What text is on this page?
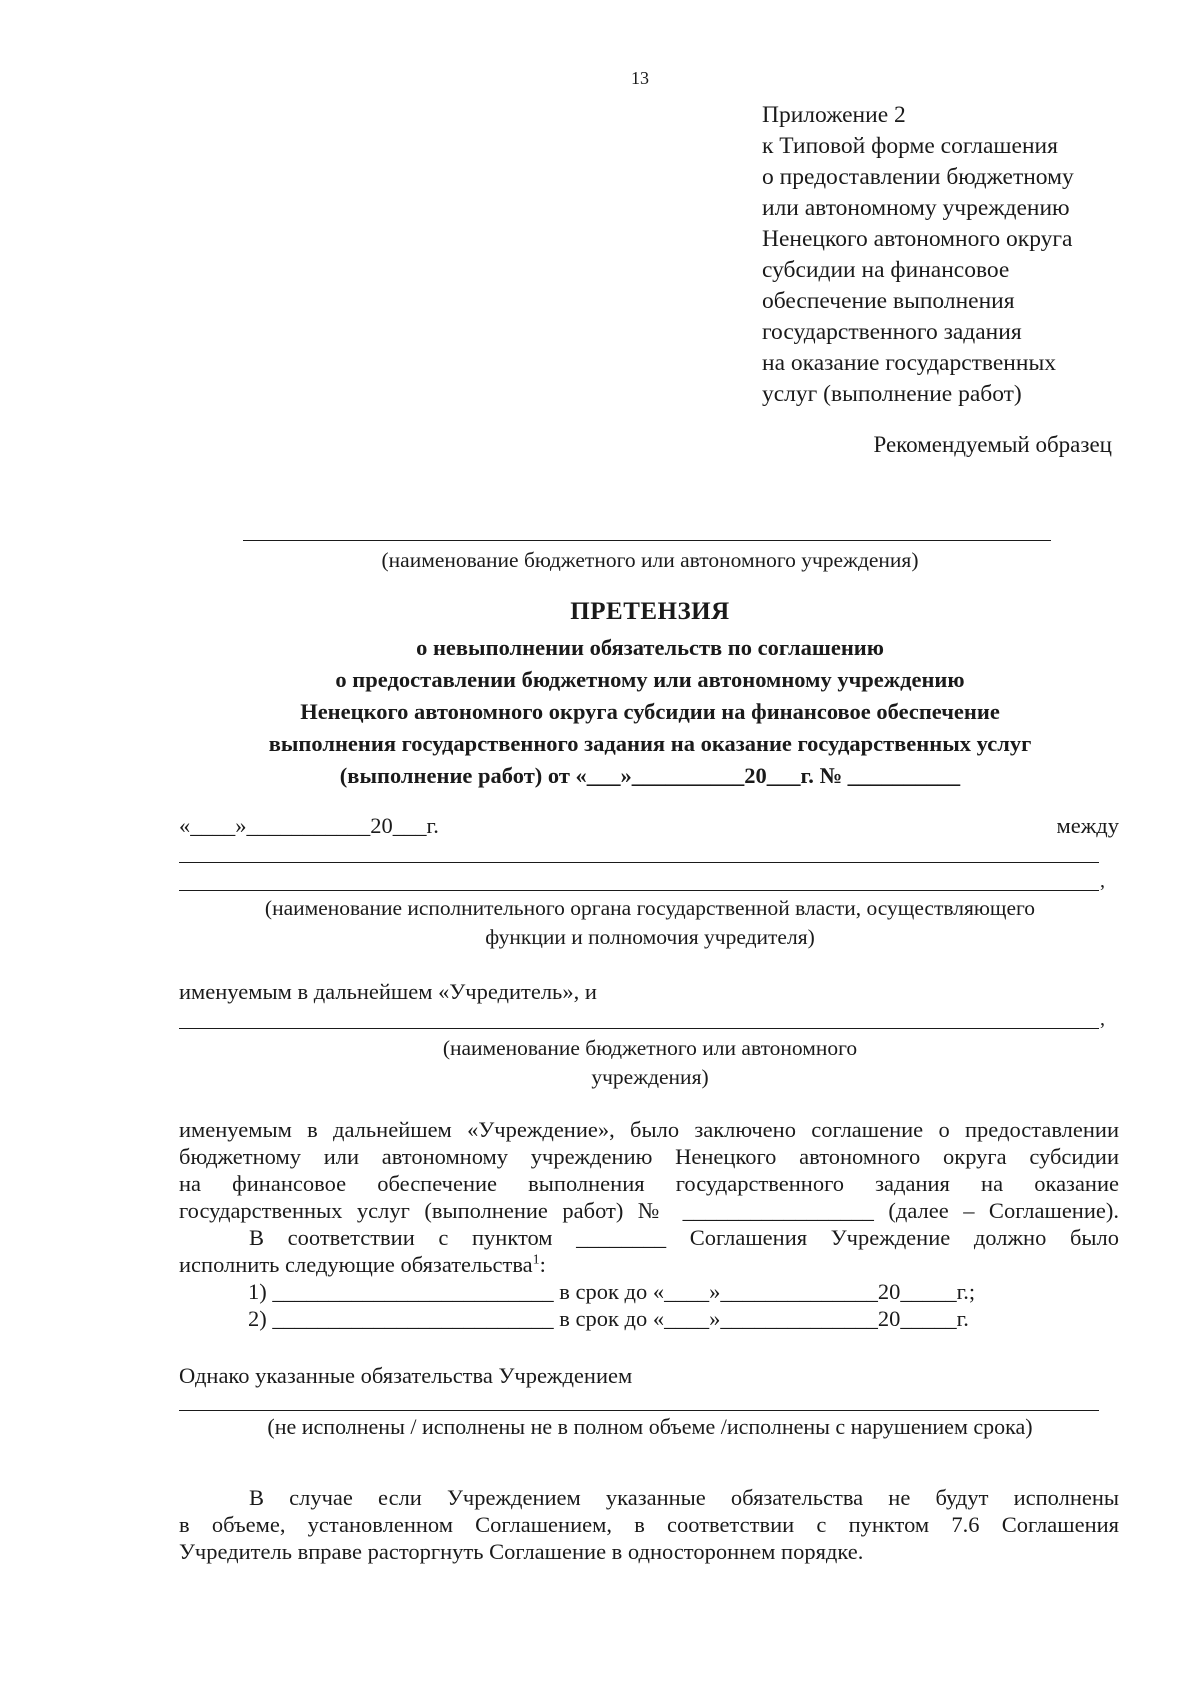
13
Приложение 2
к Типовой форме соглашения
о предоставлении бюджетному
или автономному учреждению
Ненецкого автономного округа
субсидии на финансовое
обеспечение выполнения
государственного задания
на оказание государственных
услуг (выполнение работ)
Рекомендуемый образец
(наименование бюджетного или автономного учреждения)
ПРЕТЕНЗИЯ
о невыполнении обязательств по соглашению
о предоставлении бюджетному или автономному учреждению
Ненецкого автономного округа субсидии на финансовое обеспечение
выполнения государственного задания на оказание государственных услуг
(выполнение работ) от «___»__________20___г. № __________
«____»___________20___г.	между
,
(наименование исполнительного органа государственной власти, осуществляющего
функции и полномочия учредителя)
именуемым в дальнейшем «Учредитель», и
,
(наименование бюджетного или автономного
учреждения)
именуемым в дальнейшем «Учреждение», было заключено соглашение о предоставлении
бюджетному или автономному учреждению Ненецкого автономного округа субсидии
на финансовое обеспечение выполнения государственного задания на оказание
государственных услуг (выполнение работ) № _________________ (далее – Соглашение).
В соответствии с пунктом ________ Соглашения Учреждение должно было
исполнить следующие обязательства$^1$:
1) _________________________ в срок до «____»______________20_____г.;
2) _________________________ в срок до «____»______________20_____г.
Однако указанные обязательства Учреждением
(не исполнены / исполнены не в полном объеме /исполнены с нарушением срока)
В случае если Учреждением указанные обязательства не будут исполнены
в объеме, установленном Соглашением, в соответствии с пунктом 7.6 Соглашения
Учредитель вправе расторгнуть Соглашение в одностороннем порядке.
